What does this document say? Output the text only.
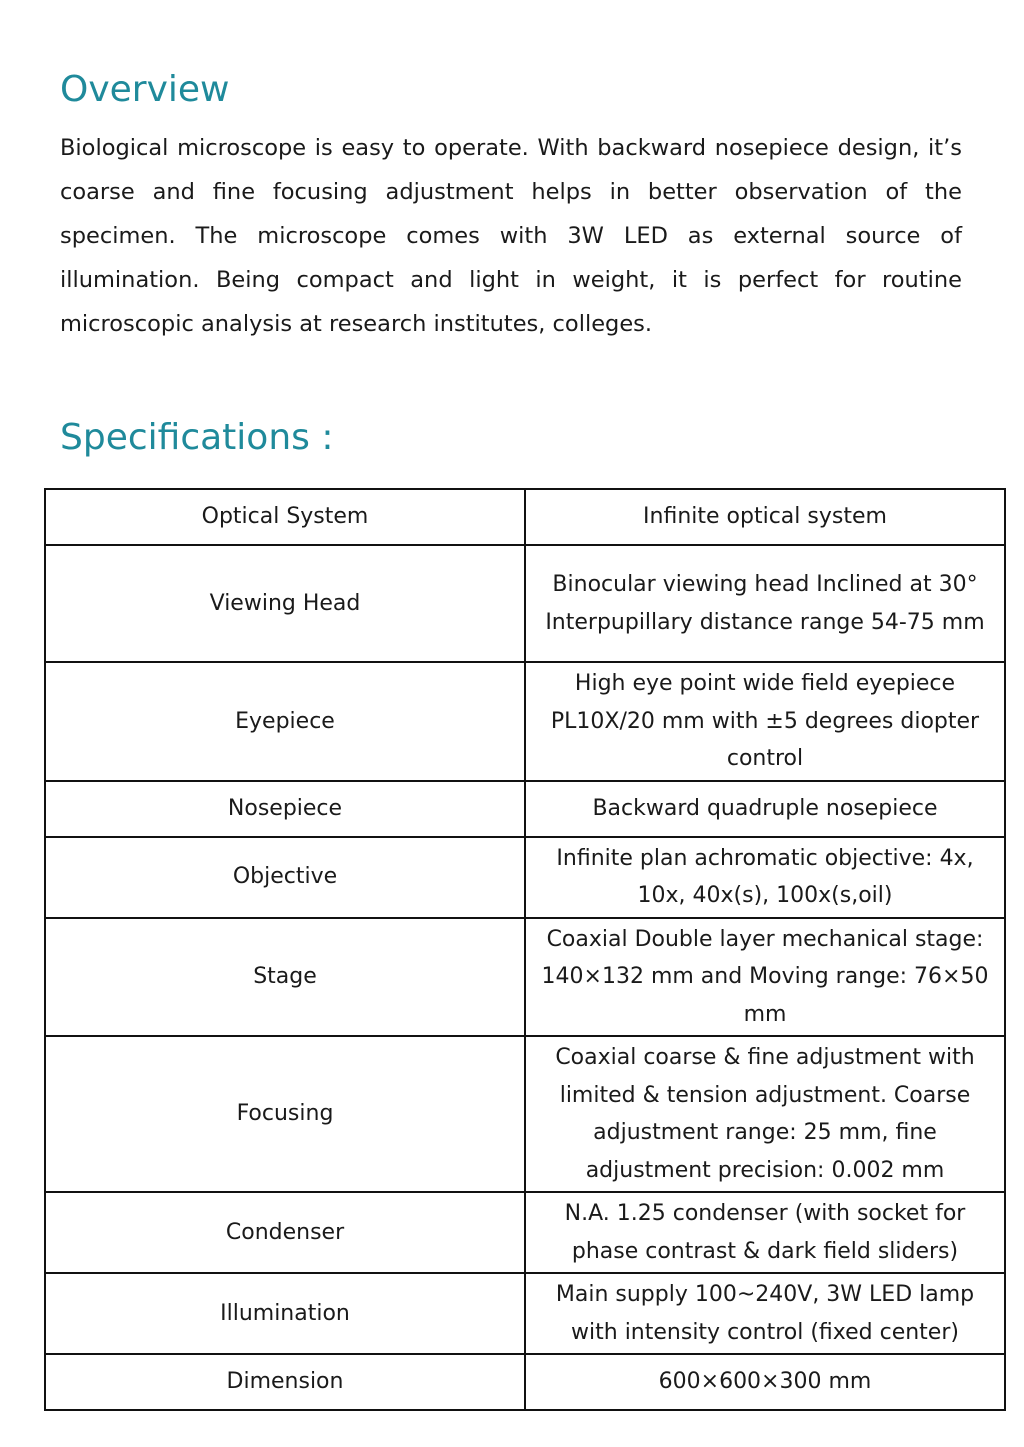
Overview

Biological microscope is easy to operate. With backward nosepiece design, it’s coarse and fine focusing adjustment helps in better observation of the specimen. The microscope comes with 3W LED as external source of illumination. Being compact and light in weight, it is perfect for routine microscopic analysis at research institutes, colleges.

Specifications :
Optical System	Infinite optical system
Viewing Head	Binocular viewing head Inclined at 30° Interpupillary distance range 54-75 mm
Eyepiece	High eye point wide field eyepiece PL10X/20 mm with ±5 degrees diopter control
Nosepiece	Backward quadruple nosepiece
Objective	Infinite plan achromatic objective: 4x, 10x, 40x(s), 100x(s,oil)
Stage	Coaxial Double layer mechanical stage: 140×132 mm and Moving range: 76×50 mm
Focusing	Coaxial coarse & fine adjustment with limited & tension adjustment. Coarse adjustment range: 25 mm, fine adjustment precision: 0.002 mm
Condenser	N.A. 1.25 condenser (with socket for phase contrast & dark field sliders)
Illumination	Main supply 100~240V, 3W LED lamp with intensity control (fixed center)
Dimension	600×600×300 mm
